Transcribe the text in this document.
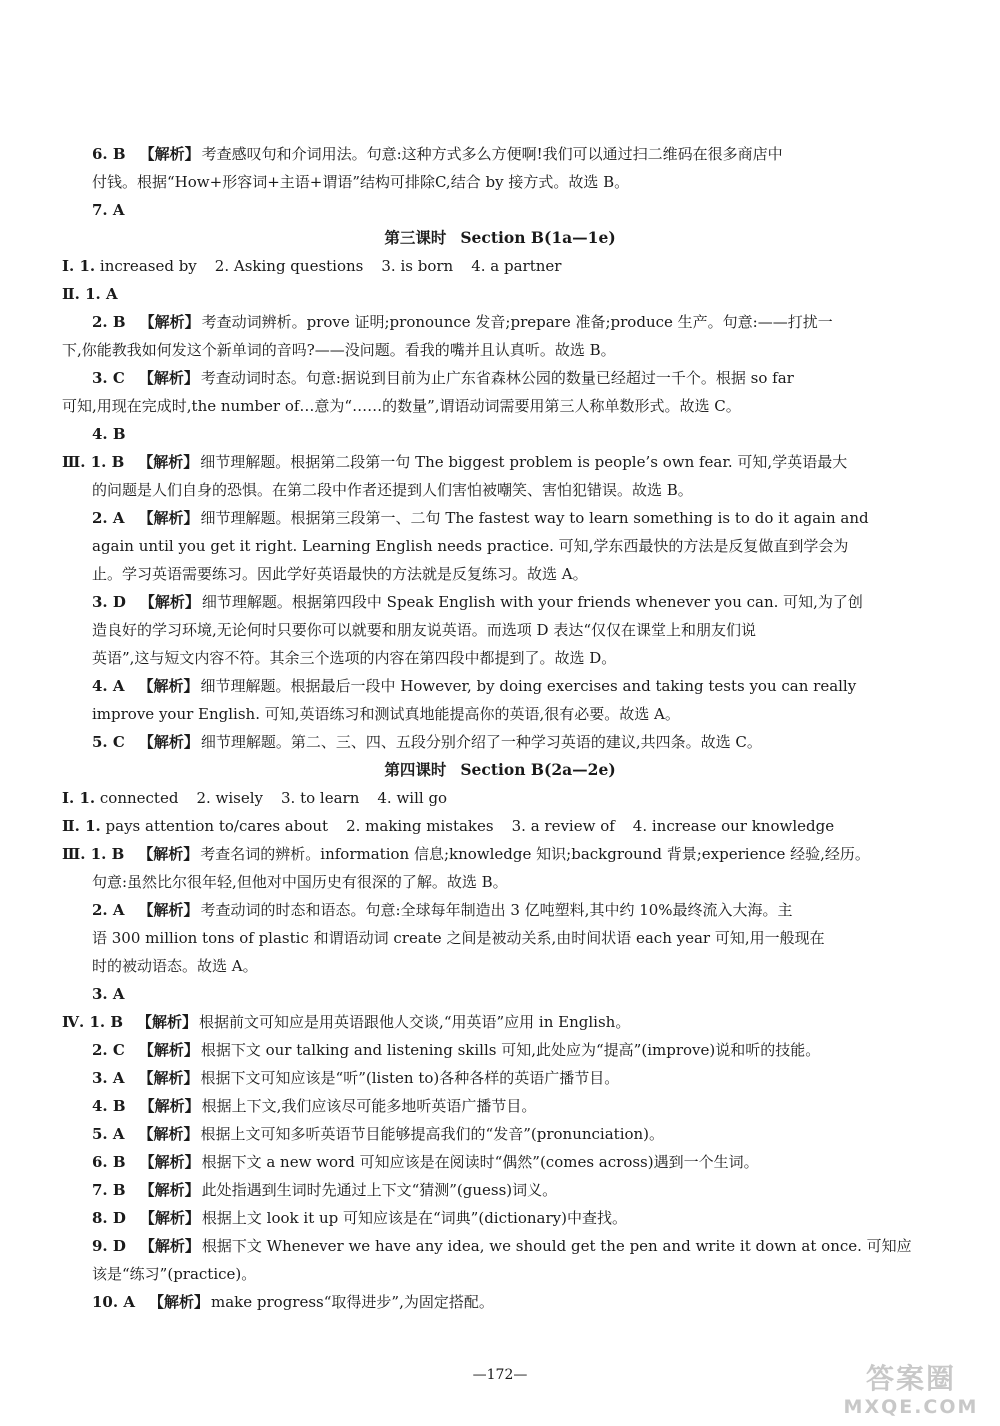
6. B 【解析】 考查感叹句和介词用法。句意:这种方式多么方便啊!我们可以通过扫二维码在很多商店中
付钱。根据“How+形容词+主语+谓语”结构可排除C,结合 by 接方式。故选 B。
7. A
第三课时 Section B(1a—1e)
Ⅰ. 1. increased by 2. Asking questions 3. is born 4. a partner
Ⅱ. 1. A
2. B 【解析】 考查动词辨析。prove 证明;pronounce 发音;prepare 准备;produce 生产。句意:——打扰一
下,你能教我如何发这个新单词的音吗?——没问题。看我的嘴并且认真听。故选 B。
3. C 【解析】 考查动词时态。句意:据说到目前为止广东省森林公园的数量已经超过一千个。根据 so far
可知,用现在完成时,the number of…意为“……的数量”,谓语动词需要用第三人称单数形式。故选 C。
4. B
Ⅲ. 1. B 【解析】 细节理解题。根据第二段第一句 The biggest problem is people’s own fear. 可知,学英语最大
的问题是人们自身的恐惧。在第二段中作者还提到人们害怕被嘲笑、害怕犯错误。故选 B。
2. A 【解析】 细节理解题。根据第三段第一、二句 The fastest way to learn something is to do it again and
again until you get it right. Learning English needs practice. 可知,学东西最快的方法是反复做直到学会为
止。学习英语需要练习。因此学好英语最快的方法就是反复练习。故选 A。
3. D 【解析】 细节理解题。根据第四段中 Speak English with your friends whenever you can. 可知,为了创
造良好的学习环境,无论何时只要你可以就要和朋友说英语。而选项 D 表达“仅仅在课堂上和朋友们说
英语”,这与短文内容不符。其余三个选项的内容在第四段中都提到了。故选 D。
4. A 【解析】 细节理解题。根据最后一段中 However, by doing exercises and taking tests you can really
improve your English. 可知,英语练习和测试真地能提高你的英语,很有必要。故选 A。
5. C 【解析】 细节理解题。第二、三、四、五段分别介绍了一种学习英语的建议,共四条。故选 C。
第四课时 Section B(2a—2e)
Ⅰ. 1. connected 2. wisely 3. to learn 4. will go
Ⅱ. 1. pays attention to/cares about 2. making mistakes 3. a review of 4. increase our knowledge
Ⅲ. 1. B 【解析】 考查名词的辨析。information 信息;knowledge 知识;background 背景;experience 经验,经历。
句意:虽然比尔很年轻,但他对中国历史有很深的了解。故选 B。
2. A 【解析】 考查动词的时态和语态。句意:全球每年制造出 3 亿吨塑料,其中约 10%最终流入大海。主
语 300 million tons of plastic 和谓语动词 create 之间是被动关系,由时间状语 each year 可知,用一般现在
时的被动语态。故选 A。
3. A
Ⅳ. 1. B 【解析】 根据前文可知应是用英语跟他人交谈,“用英语”应用 in English。
2. C 【解析】 根据下文 our talking and listening skills 可知,此处应为“提高”(improve)说和听的技能。
3. A 【解析】 根据下文可知应该是“听”(listen to)各种各样的英语广播节目。
4. B 【解析】 根据上下文,我们应该尽可能多地听英语广播节目。
5. A 【解析】 根据上文可知多听英语节目能够提高我们的“发音”(pronunciation)。
6. B 【解析】 根据下文 a new word 可知应该是在阅读时“偶然”(comes across)遇到一个生词。
7. B 【解析】 此处指遇到生词时先通过上下文“猜测”(guess)词义。
8. D 【解析】 根据上文 look it up 可知应该是在“词典”(dictionary)中查找。
9. D 【解析】 根据下文 Whenever we have any idea, we should get the pen and write it down at once. 可知应
该是“练习”(practice)。
10. A 【解析】 make progress“取得进步”,为固定搭配。
—172—	答案圈
MXQE.COM
